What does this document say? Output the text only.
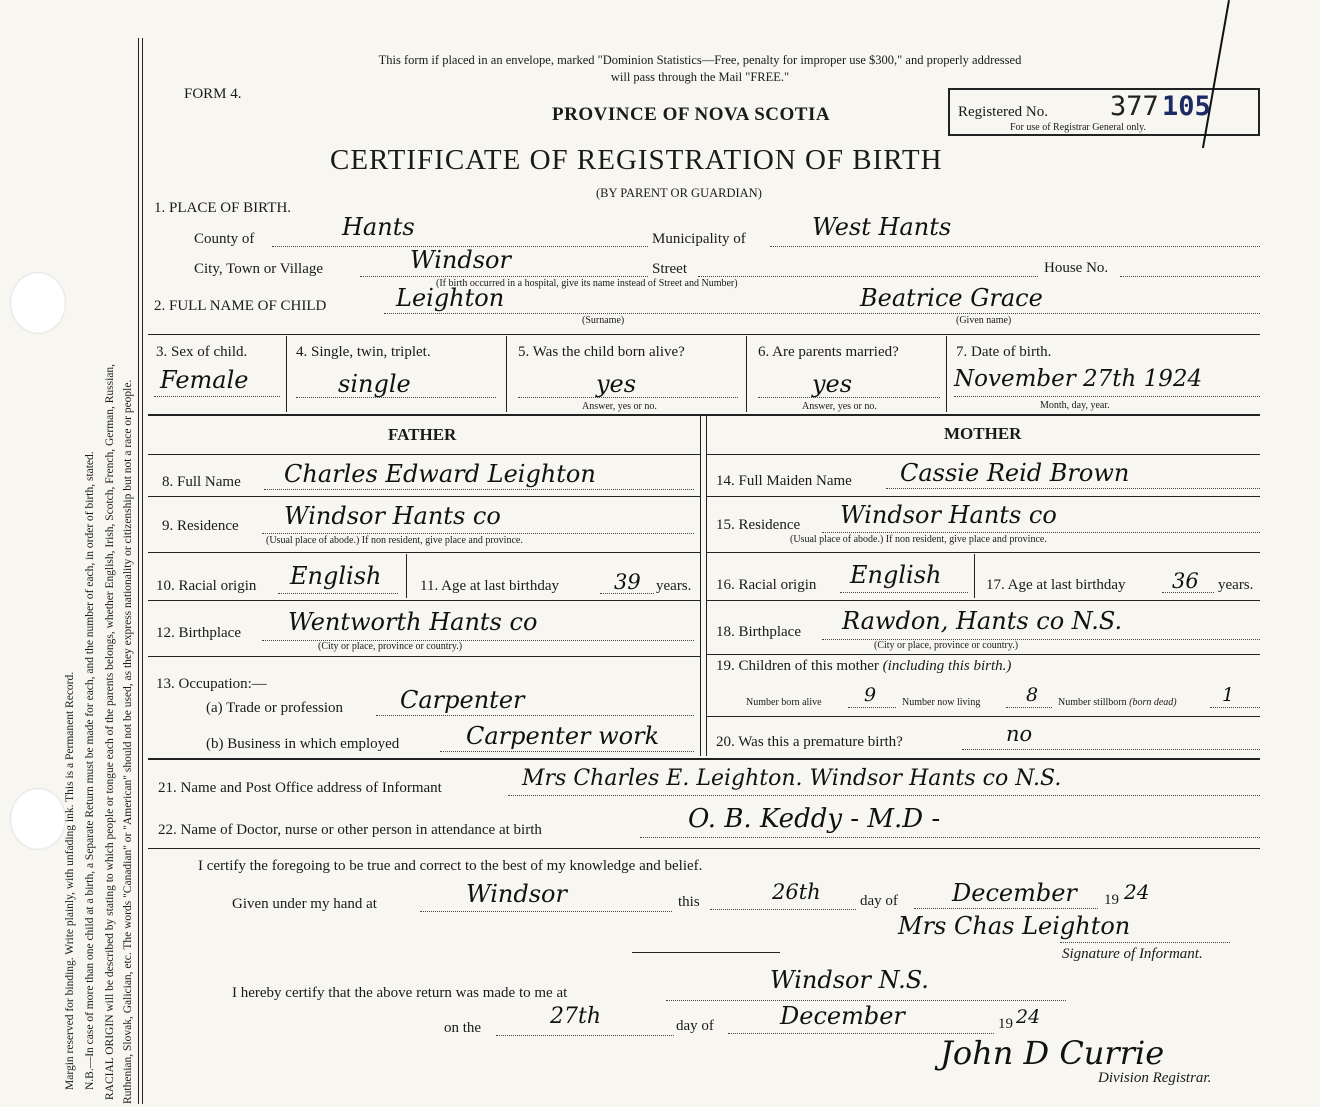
Margin reserved for binding. Write plainly, with unfading ink. This is a Permanent Record. N.B.—In case of more than one child at a birth, a Separate Return must be made for each, and the number of each, in order of birth, stated. RACIAL ORIGIN will be described by stating to which people or tongue each of the parents belongs, whether English, Irish, Scotch, French, German, Russian, Ruthenian, Slovak, Galician, etc. The words "Canadian" or "American" should not be used, as they express nationality or citizenship but not a race or people.
This form if placed in an envelope, marked "Dominion Statistics—Free, penalty for improper use $300," and properly addressed
will pass through the Mail "FREE."
FORM 4.
PROVINCE OF NOVA SCOTIA
CERTIFICATE OF REGISTRATION OF BIRTH
(BY PARENT OR GUARDIAN)
Registered No. 377 105
For use of Registrar General only.
1. PLACE OF BIRTH.
County of	Hants	Municipality of	West Hants
City, Town or Village	Windsor	Street	House No.
(If birth occurred in a hospital, give its name instead of Street and Number)
2. FULL NAME OF CHILD	Leighton
(Surname)
Beatrice Grace
(Given name)
3. Sex of child.
Female
4. Single, twin, triplet.
single
5. Was the child born alive?
yes
Answer, yes or no.
6. Are parents married?
yes
Answer, yes or no.
7. Date of birth.
November 27th 1924
Month, day, year.
FATHER	MOTHER
8. Full Name Charles Edward Leighton
9. Residence Windsor Hants co
(Usual place of abode.) If non resident, give place and province.
10. Racial origin English	11. Age at last birthday	39 years.
12. Birthplace Wentworth Hants co
(City or place, province or country.)
13. Occupation:—
(a) Trade or profession Carpenter
(b) Business in which employed	Carpenter work
14. Full Maiden Name Cassie Reid Brown
15. Residence Windsor Hants co
(Usual place of abode.) If non resident, give place and province.
16. Racial origin English	17. Age at last birthday 36 years.
18. Birthplace Rawdon, Hants co N.S.
(City or place, province or country.)
19. Children of this mother (including this birth.)
Number born alive 9	Number now living 8 Number stillborn (born dead) 1
20. Was this a premature birth?	no
21. Name and Post Office address of Informant	Mrs Charles E. Leighton. Windsor Hants co N.S.
22. Name of Doctor, nurse or other person in attendance at birth	O. B. Keddy - M.D -
I certify the foregoing to be true and correct to the best of my knowledge and belief.
Given under my hand at	Windsor	this	26th	day of December 19 24
Mrs Chas Leighton
Signature of Informant.
I hereby certify that the above return was made to me at	Windsor N.S.
on the	27th	day of	December	19 24
John D Currie
Division Registrar.
